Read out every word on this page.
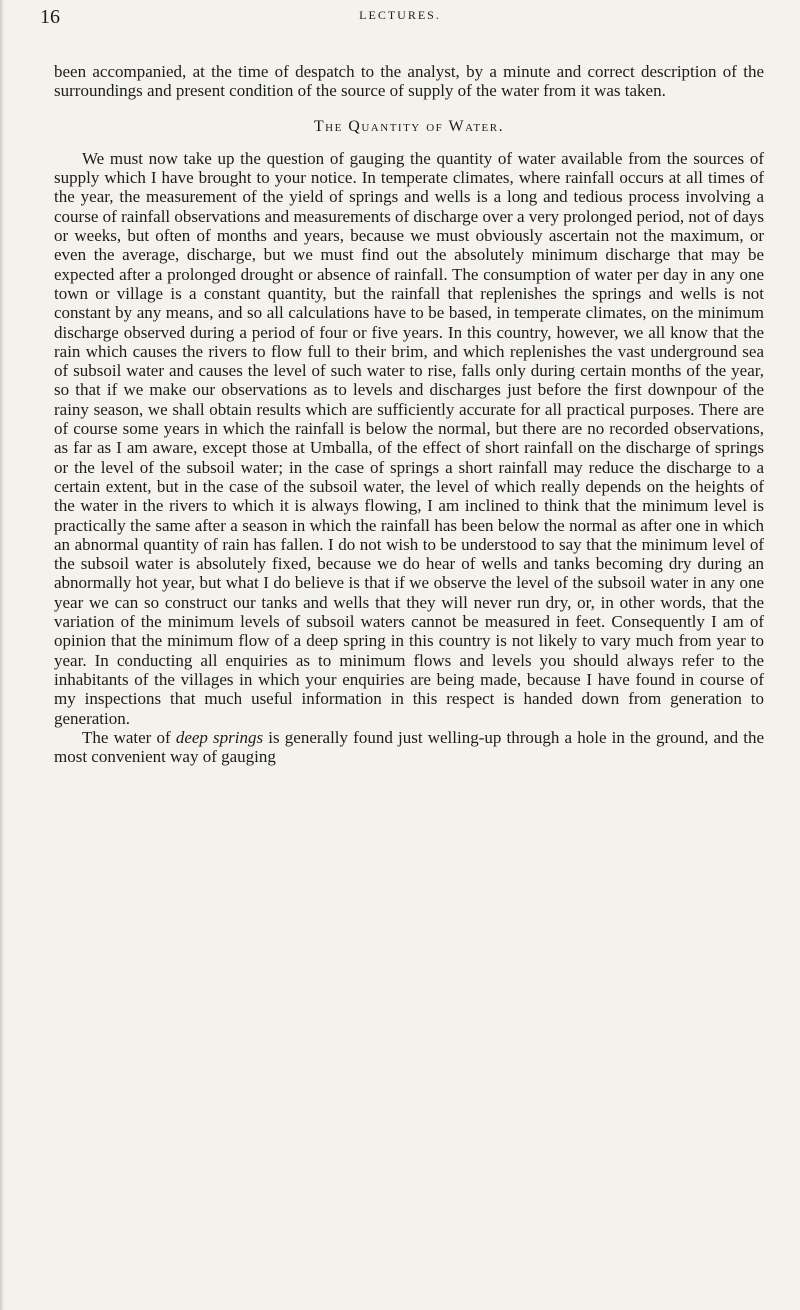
16	LECTURES.

been accompanied, at the time of despatch to the analyst, by a minute and correct description of the surroundings and present condition of the source of supply of the water from it was taken.

The Quantity of Water.

We must now take up the question of gauging the quantity of water available from the sources of supply which I have brought to your notice. In temperate climates, where rainfall occurs at all times of the year, the measurement of the yield of springs and wells is a long and tedious process involving a course of rainfall observations and measurements of discharge over a very prolonged period, not of days or weeks, but often of months and years, because we must obviously ascertain not the maximum, or even the average, discharge, but we must find out the absolutely minimum discharge that may be expected after a prolonged drought or absence of rainfall. The consumption of water per day in any one town or village is a constant quantity, but the rainfall that replenishes the springs and wells is not constant by any means, and so all calculations have to be based, in temperate climates, on the minimum discharge observed during a period of four or five years. In this country, however, we all know that the rain which causes the rivers to flow full to their brim, and which replenishes the vast underground sea of subsoil water and causes the level of such water to rise, falls only during certain months of the year, so that if we make our observations as to levels and discharges just before the first downpour of the rainy season, we shall obtain results which are sufficiently accurate for all practical purposes. There are of course some years in which the rainfall is below the normal, but there are no recorded observations, as far as I am aware, except those at Umballa, of the effect of short rainfall on the discharge of springs or the level of the subsoil water; in the case of springs a short rainfall may reduce the discharge to a certain extent, but in the case of the subsoil water, the level of which really depends on the heights of the water in the rivers to which it is always flowing, I am inclined to think that the minimum level is practically the same after a season in which the rainfall has been below the normal as after one in which an abnormal quantity of rain has fallen. I do not wish to be understood to say that the minimum level of the subsoil water is absolutely fixed, because we do hear of wells and tanks becoming dry during an abnormally hot year, but what I do believe is that if we observe the level of the subsoil water in any one year we can so construct our tanks and wells that they will never run dry, or, in other words, that the variation of the minimum levels of subsoil waters cannot be measured in feet. Consequently I am of opinion that the minimum flow of a deep spring in this country is not likely to vary much from year to year. In conducting all enquiries as to minimum flows and levels you should always refer to the inhabitants of the villages in which your enquiries are being made, because I have found in course of my inspections that much useful information in this respect is handed down from generation to generation.

The water of deep springs is generally found just welling-up through a hole in the ground, and the most convenient way of gauging
